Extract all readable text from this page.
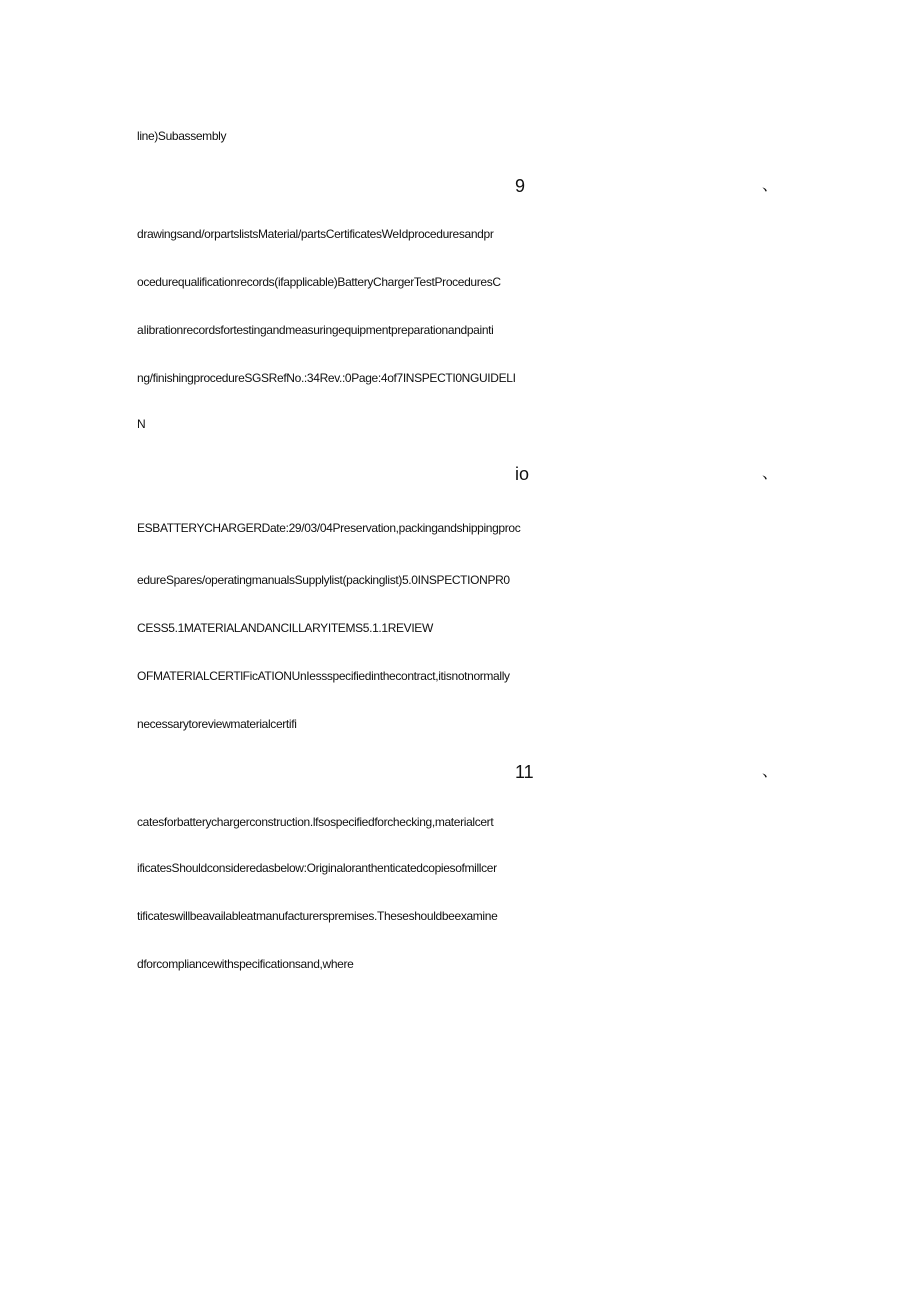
line)Subassembly
9	、
drawingsand/orpartslistsMaterial/partsCertificatesWeIdproceduresandpr
ocedurequalificationrecords(ifapplicable)BatteryChargerTestProceduresC
aIibrationrecordsfortestingandmeasuringequipmentpreparationandpainti
ng/finishingprocedureSGSRefNo.:34Rev.:0Page:4of7INSPECTI0NGUIDELI
N
io	、
ESBATTERYCHARGERDate:29/03/04Preservation,packingandshippingproc
edureSpares/operatingmanualsSupplylist(packinglist)5.0INSPECTIONPR0
CESS5.1MATERIALANDANCILLARYITEMS5.1.1REVIEW
OFMATERIALCERTlFicATIONUnIessspecifiedinthecontract,itisnotnormally
necessarytoreviewmaterialcertifi
11	、
catesforbatterychargerconstruction.lfsospecifiedforchecking,materialcert
ificatesShouldconsideredasbelow:Originaloranthenticatedcopiesofmillcer
tificateswillbeavailableatmanufacturerspremises.Theseshouldbeexamine
dforcompliancewithspecificationsand,where
